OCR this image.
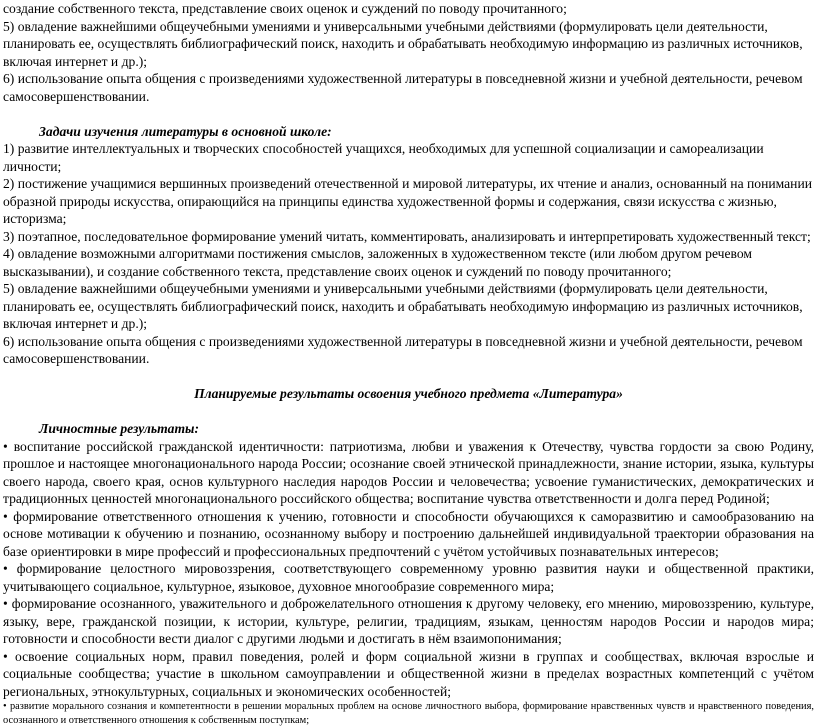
создание собственного текста, представление своих оценок и суждений по поводу прочитанного;

5) овладение важнейшими общеучебными умениями и универсальными учебными действиями (формулировать цели деятельности, планировать ее, осуществлять библиографический поиск, находить и обрабатывать необходимую информацию из различных источников, включая интернет и др.);

6) использование опыта общения с произведениями художественной литературы в повседневной жизни и учебной деятельности, речевом самосовершенствовании.

Задачи изучения литературы в основной школе:

1) развитие интеллектуальных и творческих способностей учащихся, необходимых для успешной социализации и самореализации личности;

2) постижение учащимися вершинных произведений отечественной и мировой литературы, их чтение и анализ, основанный на понимании образной природы искусства, опирающийся на принципы единства художественной формы и содержания, связи искусства с жизнью, историзма;

3) поэтапное, последовательное формирование умений читать, комментировать, анализировать и интерпретировать художественный текст;

4) овладение возможными алгоритмами постижения смыслов, заложенных в художественном тексте (или любом другом речевом высказывании), и создание собственного текста, представление своих оценок и суждений по поводу прочитанного;

5) овладение важнейшими общеучебными умениями и универсальными учебными действиями (формулировать цели деятельности, планировать ее, осуществлять библиографический поиск, находить и обрабатывать необходимую информацию из различных источников, включая интернет и др.);

6) использование опыта общения с произведениями художественной литературы в повседневной жизни и учебной деятельности, речевом самосовершенствовании.

Планируемые результаты освоения учебного предмета «Литература»

Личностные результаты:

• воспитание российской гражданской идентичности: патриотизма, любви и уважения к Отечеству, чувства гордости за свою Родину, прошлое и настоящее многонационального народа России; осознание своей этнической принадлежности, знание истории, языка, культуры своего народа, своего края, основ культурного наследия народов России и человечества; усвоение гуманистических, демократических и традиционных ценностей многонационального российского общества; воспитание чувства ответственности и долга перед Родиной;

• формирование ответственного отношения к учению, готовности и способности обучающихся к саморазвитию и самообразованию на основе мотивации к обучению и познанию, осознанному выбору и построению дальнейшей индивидуальной траектории образования на базе ориентировки в мире профессий и профессиональных предпочтений с учётом устойчивых познавательных интересов;

• формирование целостного мировоззрения, соответствующего современному уровню развития науки и общественной практики, учитывающего социальное, культурное, языковое, духовное многообразие современного мира;

• формирование осознанного, уважительного и доброжелательного отношения к другому человеку, его мнению, мировоззрению, культуре, языку, вере, гражданской позиции, к истории, культуре, религии, традициям, языкам, ценностям народов России и народов мира; готовности и способности вести диалог с другими людьми и достигать в нём взаимопонимания;

• освоение социальных норм, правил поведения, ролей и форм социальной жизни в группах и сообществах, включая взрослые и социальные сообщества; участие в школьном самоуправлении и общественной жизни в пределах возрастных компетенций с учётом региональных, этнокультурных, социальных и экономических особенностей;

• развитие морального сознания и компетентности в решении моральных проблем на основе личностного выбора, формирование нравственных чувств и нравственного поведения, осознанного и ответственного отношения к собственным поступкам;
